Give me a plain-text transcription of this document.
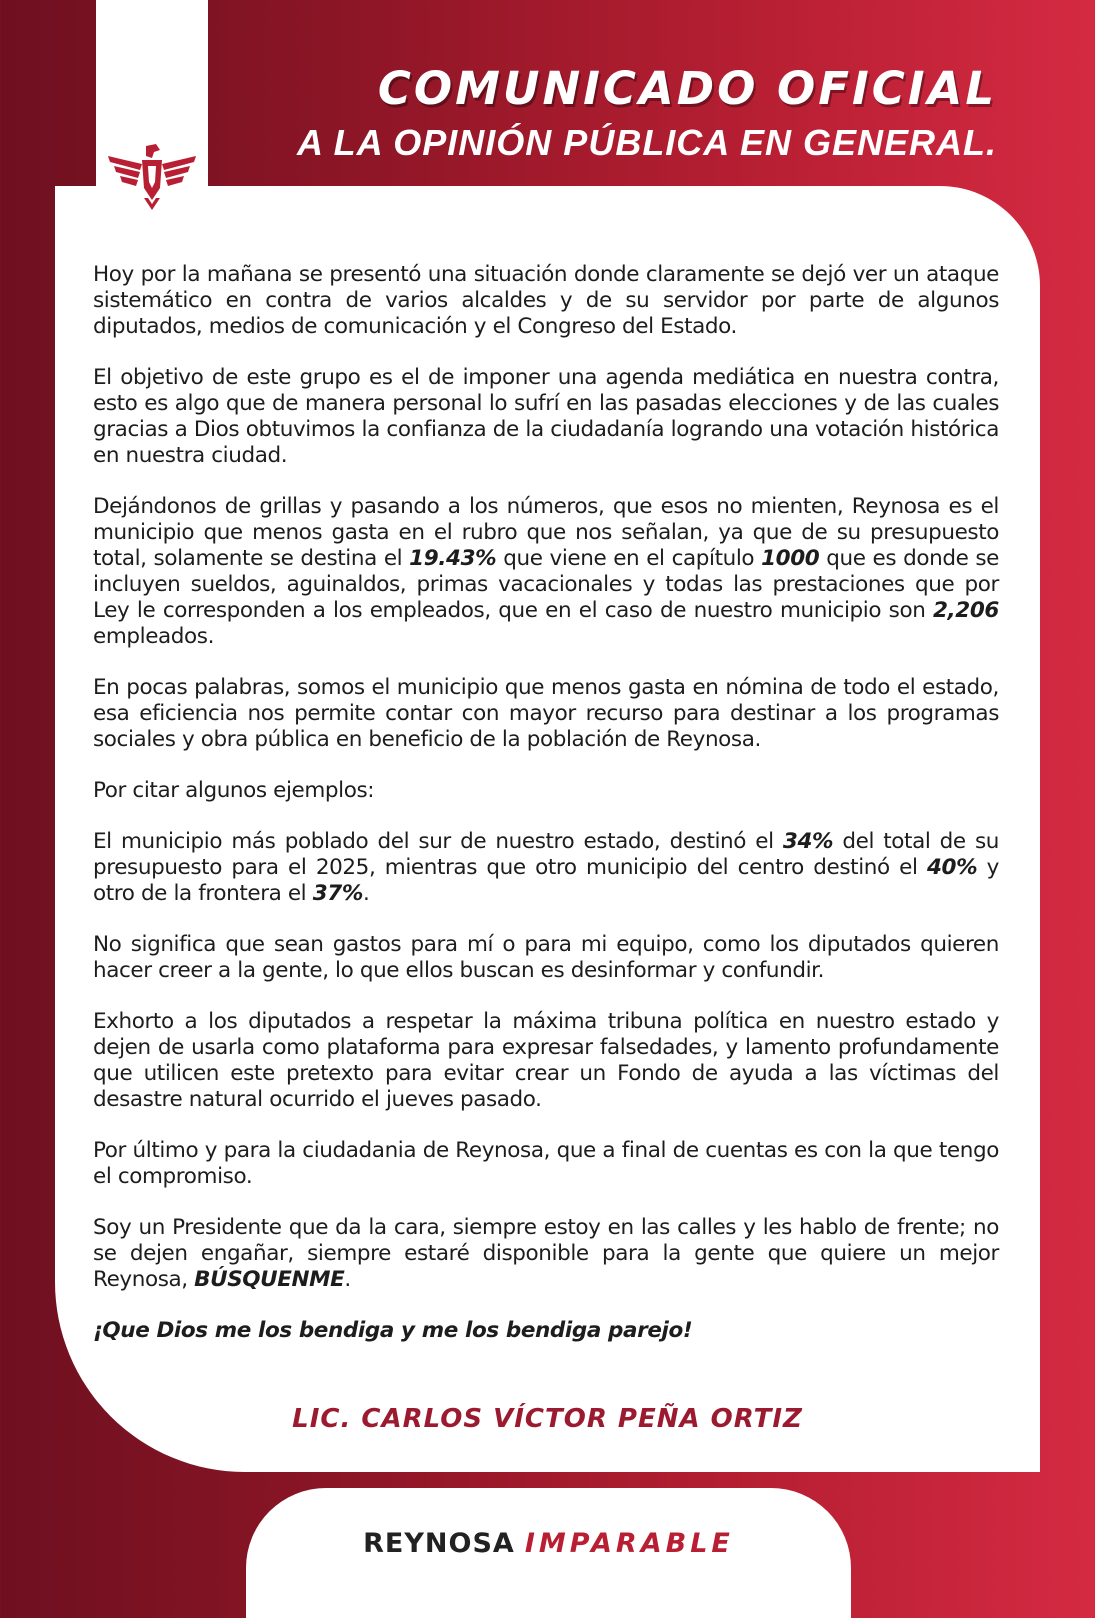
COMUNICADO OFICIAL
A LA OPINIÓN PÚBLICA EN GENERAL.

Hoy por la mañana se presentó una situación donde claramente se dejó ver un ataque sistemático en contra de varios alcaldes y de su servidor por parte de algunos diputados, medios de comunicación y el Congreso del Estado.

El objetivo de este grupo es el de imponer una agenda mediática en nuestra contra, esto es algo que de manera personal lo sufrí en las pasadas elecciones y de las cuales gracias a Dios obtuvimos la confianza de la ciudadanía logrando una votación histórica en nuestra ciudad.

Dejándonos de grillas y pasando a los números, que esos no mienten, Reynosa es el municipio que menos gasta en el rubro que nos señalan, ya que de su presupuesto total, solamente se destina el 19.43% que viene en el capítulo 1000 que es donde se incluyen sueldos, aguinaldos, primas vacacionales y todas las prestaciones que por Ley le corresponden a los empleados, que en el caso de nuestro municipio son 2,206 empleados.

En pocas palabras, somos el municipio que menos gasta en nómina de todo el estado, esa eficiencia nos permite contar con mayor recurso para destinar a los programas sociales y obra pública en beneficio de la población de Reynosa.

Por citar algunos ejemplos:

El municipio más poblado del sur de nuestro estado, destinó el 34% del total de su presupuesto para el 2025, mientras que otro municipio del centro destinó el 40% y otro de la frontera el 37%.

No significa que sean gastos para mí o para mi equipo, como los diputados quieren hacer creer a la gente, lo que ellos buscan es desinformar y confundir.

Exhorto a los diputados a respetar la máxima tribuna política en nuestro estado y dejen de usarla como plataforma para expresar falsedades, y lamento profundamente que utilicen este pretexto para evitar crear un Fondo de ayuda a las víctimas del desastre natural ocurrido el jueves pasado.

Por último y para la ciudadania de Reynosa, que a final de cuentas es con la que tengo el compromiso.

Soy un Presidente que da la cara, siempre estoy en las calles y les hablo de frente; no se dejen engañar, siempre estaré disponible para la gente que quiere un mejor Reynosa, BÚSQUENME.

¡Que Dios me los bendiga y me los bendiga parejo!

LIC. CARLOS VÍCTOR PEÑA ORTIZ

REYNOSA IMPARABLE
